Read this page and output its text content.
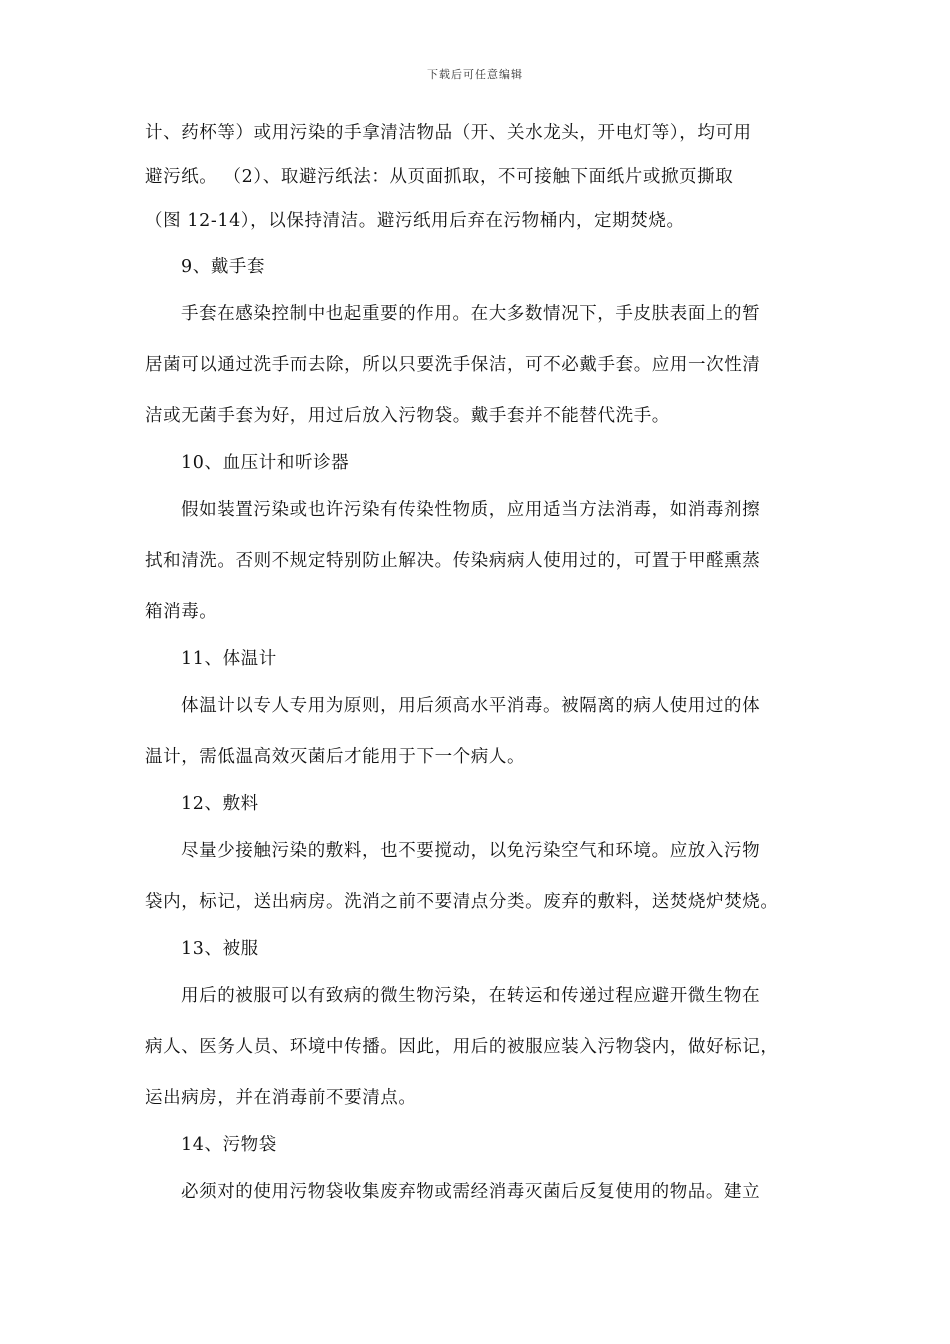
下载后可任意编辑
计、药杯等）或用污染的手拿清洁物品（开、关水龙头，开电灯等），均可用
避污纸。 （2）、取避污纸法：从页面抓取，不可接触下面纸片或掀页撕取
（图 12-14），以保持清洁。避污纸用后弃在污物桶内，定期焚烧。
9、戴手套
手套在感染控制中也起重要的作用。在大多数情况下，手皮肤表面上的暂
居菌可以通过洗手而去除，所以只要洗手保洁，可不必戴手套。应用一次性清
洁或无菌手套为好，用过后放入污物袋。戴手套并不能替代洗手。
10、血压计和听诊器
假如装置污染或也许污染有传染性物质，应用适当方法消毒，如消毒剂擦
拭和清洗。否则不规定特别防止解决。传染病病人使用过的，可置于甲醛熏蒸
箱消毒。
11、体温计
体温计以专人专用为原则，用后须高水平消毒。被隔离的病人使用过的体
温计，需低温高效灭菌后才能用于下一个病人。
12、敷料
尽量少接触污染的敷料，也不要搅动，以免污染空气和环境。应放入污物
袋内，标记，送出病房。洗消之前不要清点分类。废弃的敷料，送焚烧炉焚烧。
13、被服
用后的被服可以有致病的微生物污染，在转运和传递过程应避开微生物在
病人、医务人员、环境中传播。因此，用后的被服应装入污物袋内，做好标记，
运出病房，并在消毒前不要清点。
14、污物袋
必须对的使用污物袋收集废弃物或需经消毒灭菌后反复使用的物品。建立
